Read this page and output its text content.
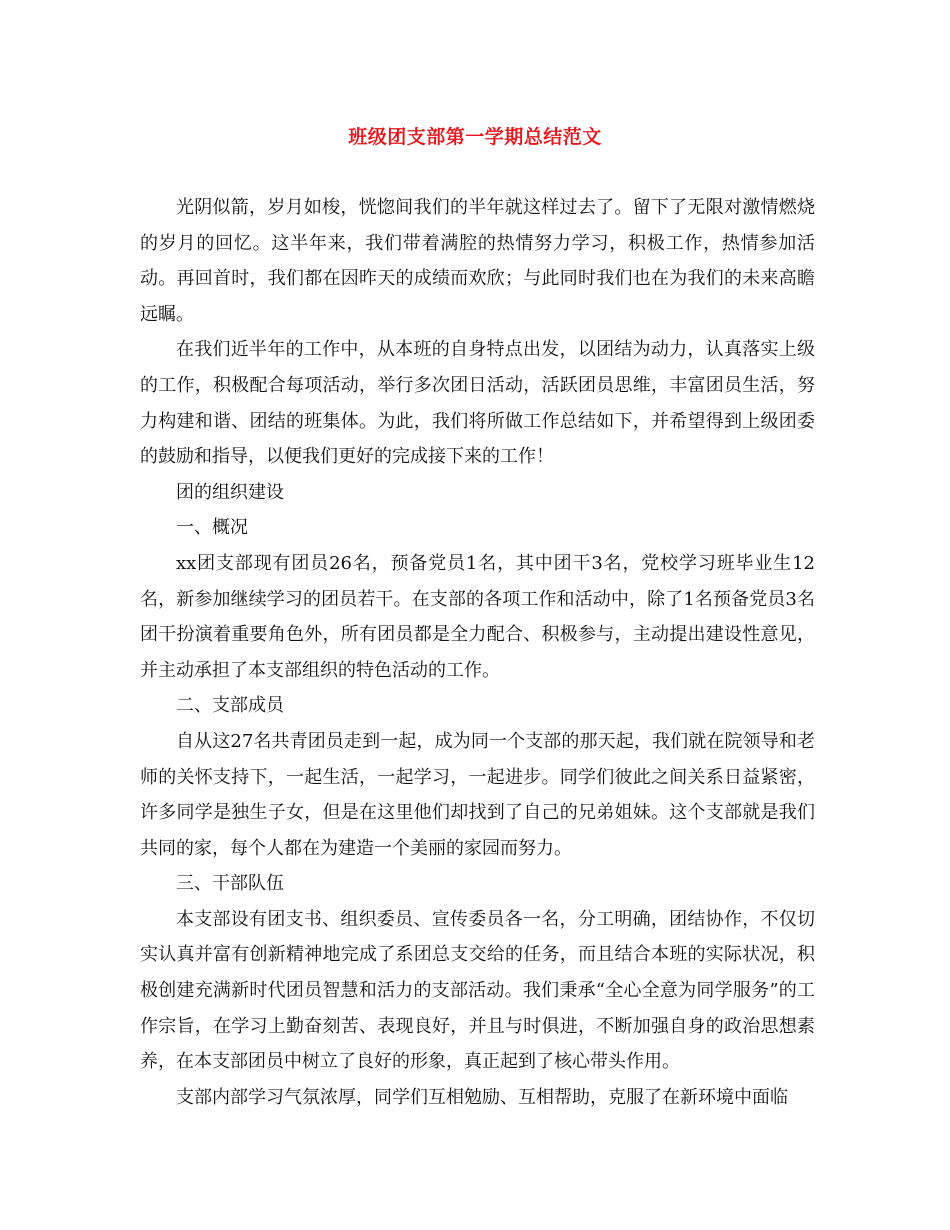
班级团支部第一学期总结范文

光阴似箭，岁月如梭，恍惚间我们的半年就这样过去了。留下了无限对激情燃烧的岁月的回忆。这半年来，我们带着满腔的热情努力学习，积极工作，热情参加活动。再回首时，我们都在因昨天的成绩而欢欣；与此同时我们也在为我们的未来高瞻远瞩。

在我们近半年的工作中，从本班的自身特点出发，以团结为动力，认真落实上级的工作，积极配合每项活动，举行多次团日活动，活跃团员思维，丰富团员生活，努力构建和谐、团结的班集体。为此，我们将所做工作总结如下，并希望得到上级团委的鼓励和指导，以便我们更好的完成接下来的工作！

团的组织建设

一、概况

xx团支部现有团员26名，预备党员1名，其中团干3名，党校学习班毕业生12名，新参加继续学习的团员若干。在支部的各项工作和活动中，除了1名预备党员3名团干扮演着重要角色外，所有团员都是全力配合、积极参与，主动提出建设性意见，并主动承担了本支部组织的特色活动的工作。

二、支部成员

自从这27名共青团员走到一起，成为同一个支部的那天起，我们就在院领导和老师的关怀支持下，一起生活，一起学习，一起进步。同学们彼此之间关系日益紧密，许多同学是独生子女，但是在这里他们却找到了自己的兄弟姐妹。这个支部就是我们共同的家，每个人都在为建造一个美丽的家园而努力。

三、干部队伍

本支部设有团支书、组织委员、宣传委员各一名，分工明确，团结协作，不仅切实认真并富有创新精神地完成了系团总支交给的任务，而且结合本班的实际状况，积极创建充满新时代团员智慧和活力的支部活动。我们秉承“全心全意为同学服务”的工作宗旨，在学习上勤奋刻苦、表现良好，并且与时俱进，不断加强自身的政治思想素养，在本支部团员中树立了良好的形象，真正起到了核心带头作用。

支部内部学习气氛浓厚，同学们互相勉励、互相帮助，克服了在新环境中面临
